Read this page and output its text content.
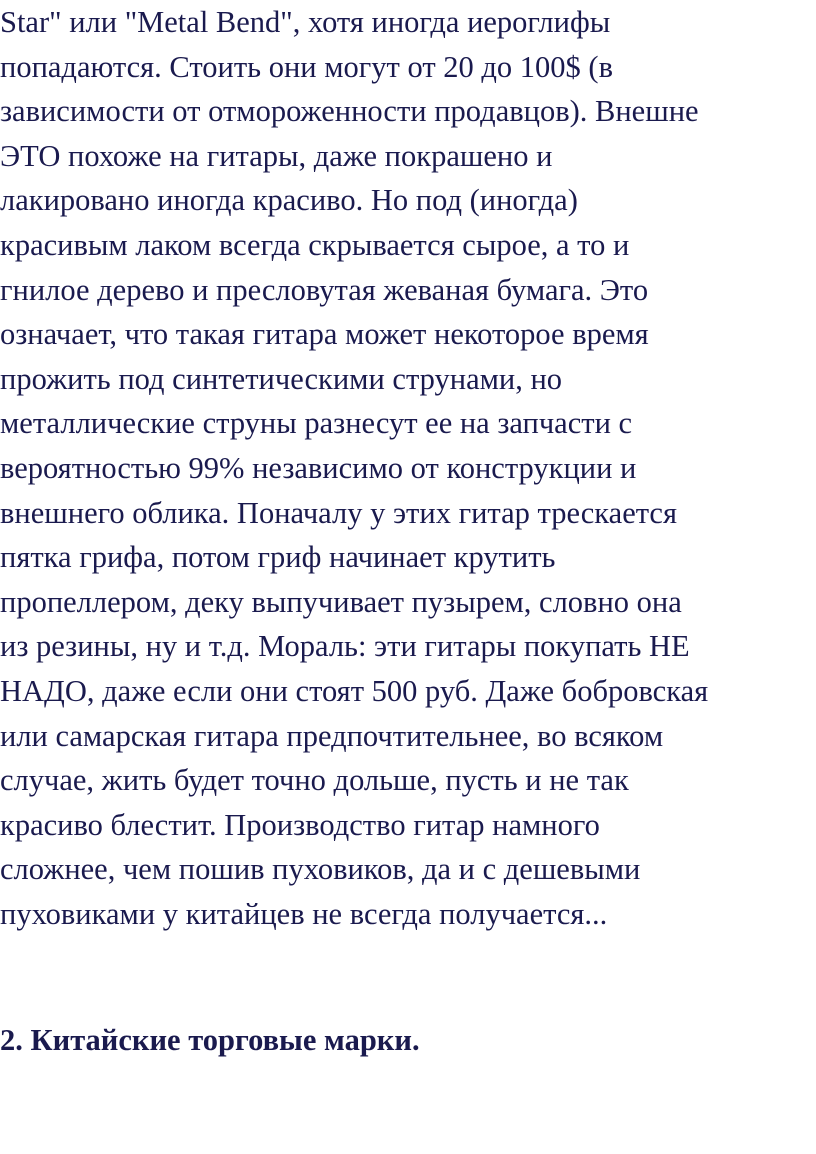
Star" или "Metal Bend", хотя иногда иероглифы
попадаются. Стоить они могут от 20 до 100$ (в
зависимости от отмороженности продавцов). Внешне
ЭТО похоже на гитары, даже покрашено и
лакировано иногда красиво. Но под (иногда)
красивым лаком всегда скрывается сырое, а то и
гнилое дерево и пресловутая жеваная бумага. Это
означает, что такая гитара может некоторое время
прожить под синтетическими струнами, но
металлические струны разнесут ее на запчасти с
вероятностью 99% независимо от конструкции и
внешнего облика. Поначалу у этих гитар трескается
пятка грифа, потом гриф начинает крутить
пропеллером, деку выпучивает пузырем, словно она
из резины, ну и т.д. Мораль: эти гитары покупать НЕ
НАДО, даже если они стоят 500 руб. Даже бобровская
или самарская гитара предпочтительнее, во всяком
случае, жить будет точно дольше, пусть и не так
красиво блестит. Производство гитар намного
сложнее, чем пошив пуховиков, да и с дешевыми
пуховиками у китайцев не всегда получается...
2. Китайские торговые марки.
